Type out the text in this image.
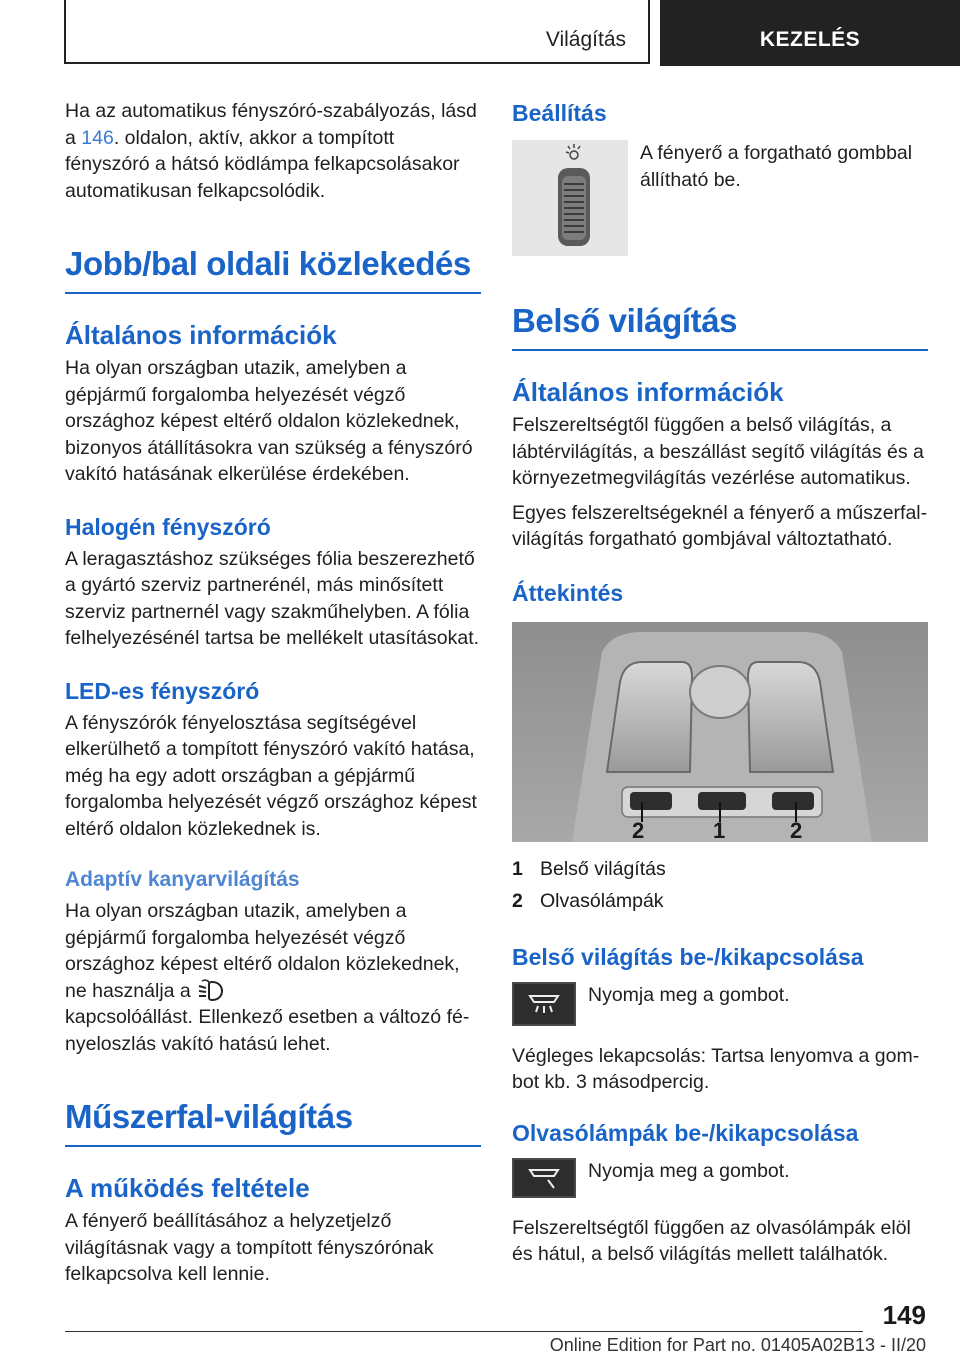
Világítás	KEZELÉS

Ha az automatikus fényszóró-szabályozás, lásd a 146. oldalon, aktív, akkor a tompított fényszóró a hátsó ködlámpa felkapcsolásakor automatikusan felkapcsolódik.

Jobb/bal oldali közlekedés
Általános információk

Ha olyan országban utazik, amelyben a gépjármű forgalomba helyezését végző országhoz képest eltérő oldalon közlekednek, bizonyos átállításokra van szükség a fényszóró vakító hatásának elkerülése érdekében.

Halogén fényszóró

A leragasztáshoz szükséges fólia beszerezhető a gyártó szerviz partnerénél, más minősített szerviz partnernél vagy szakműhelyben. A fólia felhelyezésénél tartsa be mellékelt utasításokat.

LED-es fényszóró

A fényszórók fényelosztása segítségével elkerülhető a tompított fényszóró vakító hatása, még ha egy adott országban a gépjármű forgalomba helyezését végző országhoz képest eltérő oldalon közlekednek is.

Adaptív kanyarvilágítás

Ha olyan országban utazik, amelyben a gépjármű forgalomba helyezését végző országhoz képest eltérő oldalon közlekednek, ne használja a
kapcsolóállást. Ellenkező esetben a változó fényeloszlás vakító hatású lehet.

Műszerfal-világítás
A működés feltétele

A fényerő beállításához a helyzetjelző világításnak vagy a tompított fényszórónak felkapcsolva kell lennie.

Beállítás

A fényerő a forgatható gombbal állítható be.

Belső világítás
Általános információk

Felszereltségtől függően a belső világítás, a lábtérvilágítás, a beszállást segítő világítás és a környezetmegvilágítás vezérlése automatikus.

Egyes felszereltségeknél a fényerő a műszerfalvilágítás forgatható gombjával változtatható.

Áttekintés
2	1	2
1 Belső világítás
2 Olvasólámpák
Belső világítás be-/kikapcsolása

Nyomja meg a gombot.

Végleges lekapcsolás: Tartsa lenyomva a gombot kb. 3 másodpercig.

Olvasólámpák be-/kikapcsolása

Nyomja meg a gombot.

Felszereltségtől függően az olvasólámpák elöl és hátul, a belső világítás mellett találhatók.

149
Online Edition for Part no. 01405A02B13 - II/20
